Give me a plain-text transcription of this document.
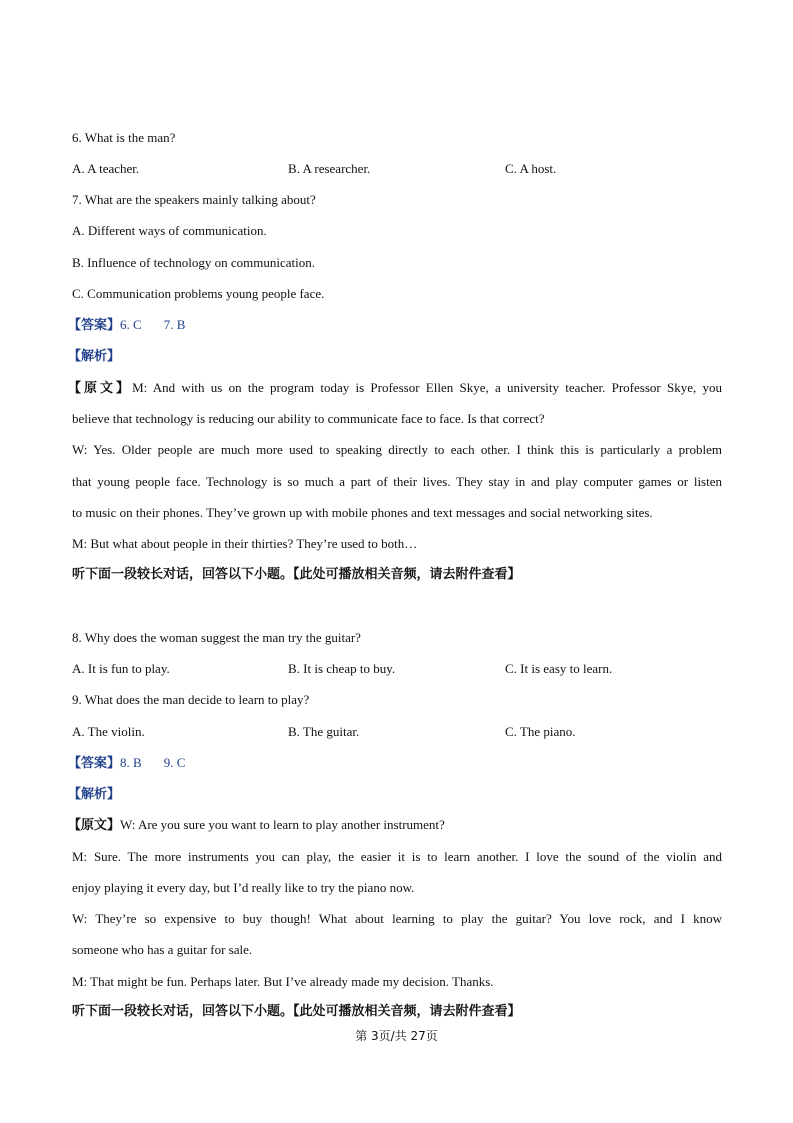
6. What is the man?
A. A teacher.	B. A researcher.	C. A host.
7. What are the speakers mainly talking about?
A. Different ways of communication.
B. Influence of technology on communication.
C. Communication problems young people face.
【答案】6. C 7. B
【解析】
【原文】M: And with us on the program today is Professor Ellen Skye, a university teacher. Professor Skye, you
believe that technology is reducing our ability to communicate face to face. Is that correct?
W: Yes. Older people are much more used to speaking directly to each other. I think this is particularly a problem
that young people face. Technology is so much a part of their lives. They stay in and play computer games or listen
to music on their phones. They’ve grown up with mobile phones and text messages and social networking sites.
M: But what about people in their thirties? They’re used to both…
听下面一段较长对话，回答以下小题。【此处可播放相关音频，请去附件查看】
8. Why does the woman suggest the man try the guitar?
A. It is fun to play.	B. It is cheap to buy.	C. It is easy to learn.
9. What does the man decide to learn to play?
A. The violin.	B. The guitar.	C. The piano.
【答案】8. B 9. C
【解析】
【原文】W: Are you sure you want to learn to play another instrument?
M: Sure. The more instruments you can play, the easier it is to learn another. I love the sound of the violin and
enjoy playing it every day, but I’d really like to try the piano now.
W: They’re so expensive to buy though! What about learning to play the guitar? You love rock, and I know
someone who has a guitar for sale.
M: That might be fun. Perhaps later. But I’ve already made my decision. Thanks.
听下面一段较长对话，回答以下小题。【此处可播放相关音频，请去附件查看】
第 3页/共 27页
